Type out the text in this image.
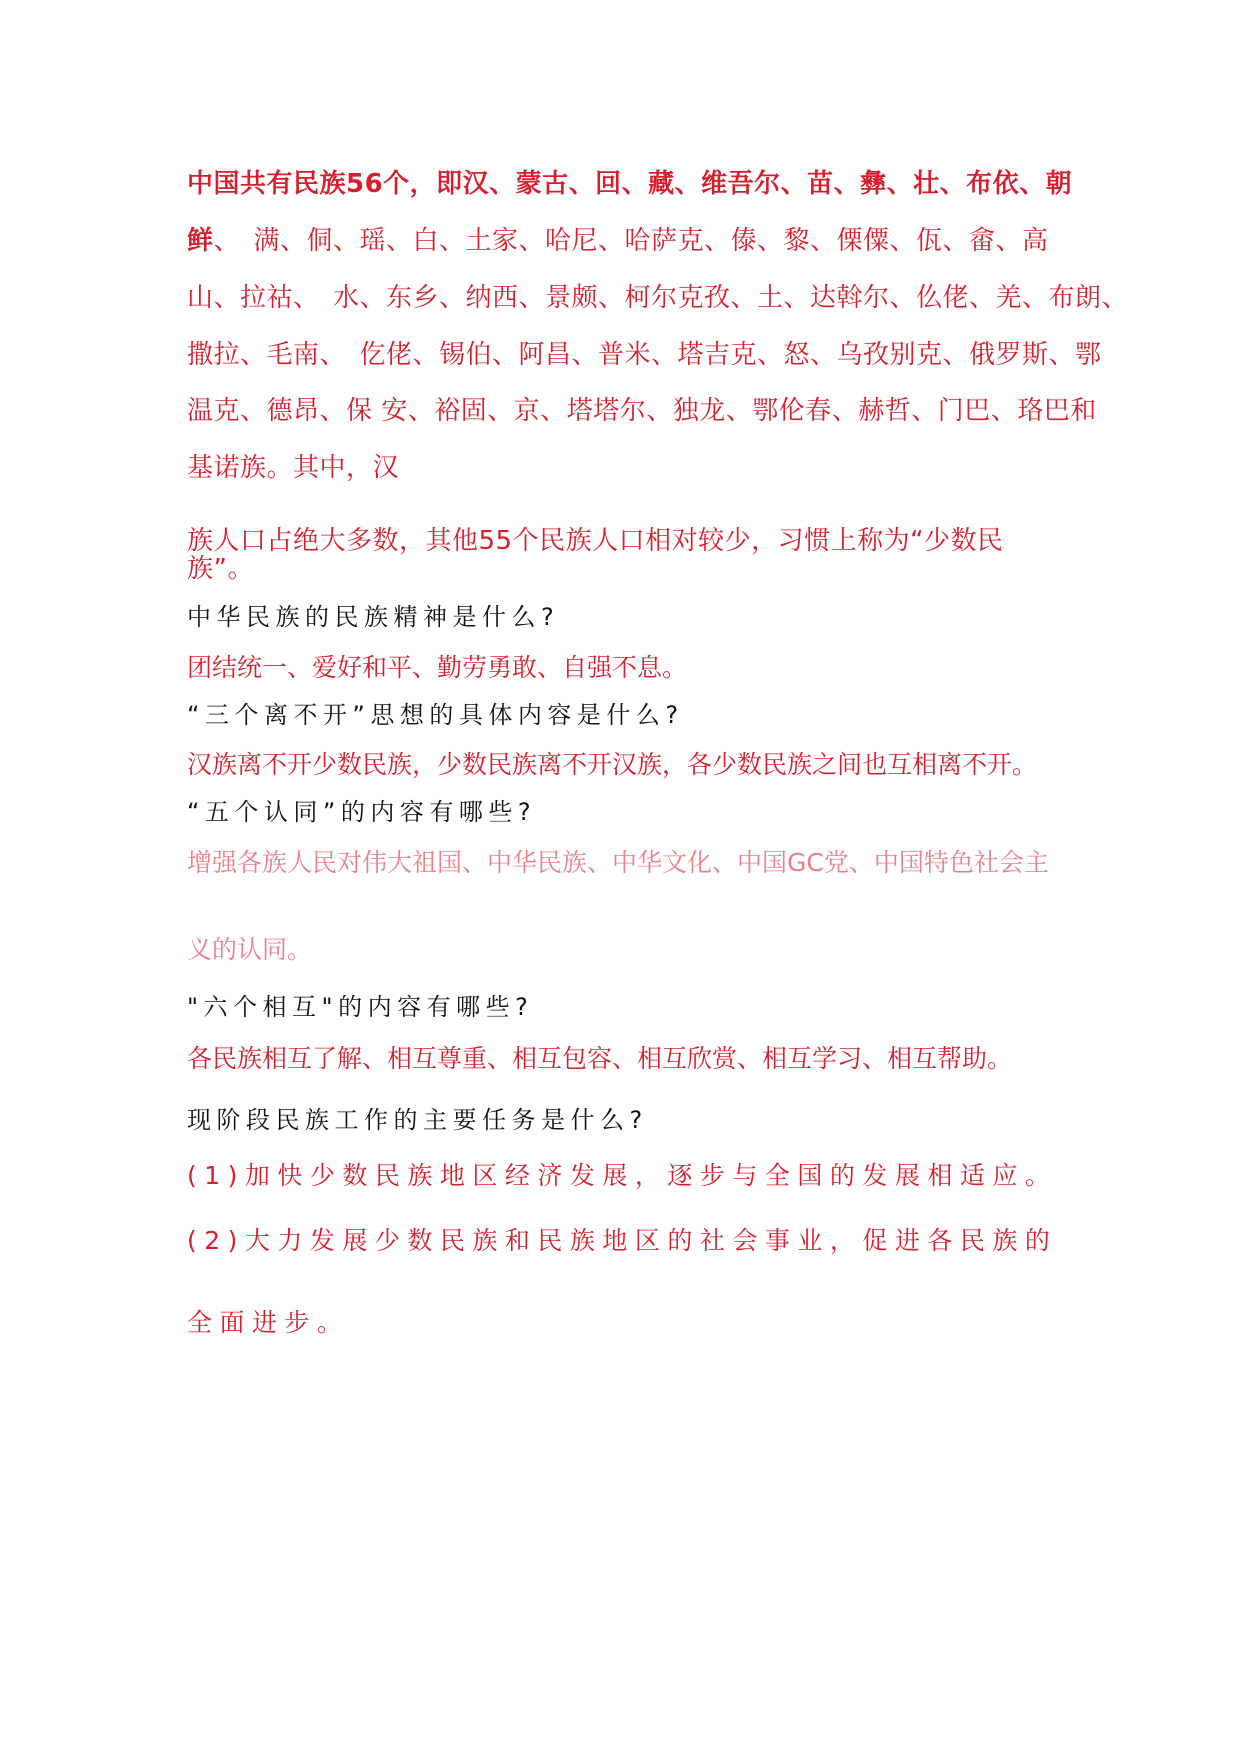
中国共有民族56个，即汉、蒙古、回、藏、维吾尔、苗、彝、壮、布依、朝

鲜、　满、侗、瑶、白、土家、哈尼、哈萨克、傣、黎、傈僳、佤、畲、高

山、拉祜、　水、东乡、纳西、景颇、柯尔克孜、土、达斡尔、仫佬、羌、布朗、

撒拉、毛南、　仡佬、锡伯、阿昌、普米、塔吉克、怒、乌孜别克、俄罗斯、鄂

温克、德昂、保 安、裕固、京、塔塔尔、独龙、鄂伦春、赫哲、门巴、珞巴和

基诺族。其中，汉

族人口占绝大多数，其他55个民族人口相对较少，习惯上称为“少数民

族”。

中华民族的民族精神是什么?

团结统一、爱好和平、勤劳勇敢、自强不息。

“三个离不开”思想的具体内容是什么?

汉族离不开少数民族，少数民族离不开汉族，各少数民族之间也互相离不开。

“五个认同”的内容有哪些?

增强各族人民对伟大祖国、中华民族、中华文化、中国GC党、中国特色社会主

义的认同。

"六个相互"的内容有哪些?

各民族相互了解、相互尊重、相互包容、相互欣赏、相互学习、相互帮助。

现阶段民族工作的主要任务是什么?

(1)加快少数民族地区经济发展，逐步与全国的发展相适应。

(2)大力发展少数民族和民族地区的社会事业，促进各民族的

全面进步。
